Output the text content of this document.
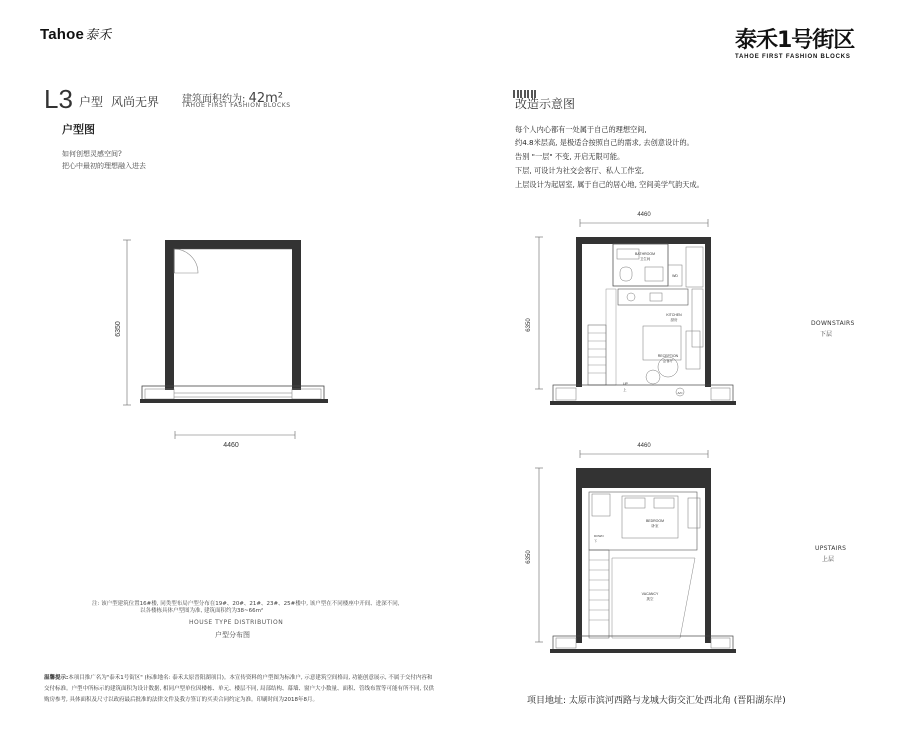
Tahoe泰禾	泰禾1号街区
TAHOE FIRST FASHION BLOCKS
L3 户型 风尚无界 建筑面积约为: 42m²
TAHOE FIRST FASHION BLOCKS
户型图
如何创想灵感空间?
把心中最初的理想融入进去
6350
4460
改造示意图
每个人内心都有一处属于自己的理想空间,
约4.8米层高, 是极适合按照自己的需求, 去创意设计的。
告别 "一层" 不变, 开启无限可能。
下层, 可设计为社交会客厅、私人工作室,
上层设计为起居室, 属于自己的居心地, 空间美学气韵天成。
4460
6350
BATHROOM
卫生间
WD
KITCHEN
厨房
RECEPTION
会客厅
UP
上
A/C
DOWNSTAIRS
下层
4460
6350
BEDROOM
卧室
DOWN
下
VACANCY
挑空
UPSTAIRS
上层
注: 该户型建筑位置16#楼, 同类型布局户型分布在19#、20#、21#、23#、25#楼中, 该户型在不同楼座中开间、进深不同,
以各楼栋具体户型图为准, 建筑面积约为38~66m²
HOUSE TYPE DISTRIBUTION
户型分布图
温馨提示:本项目推广名为"泰禾1号街区" (标准地名: 泰禾太原晋阳湖项目)。本宣传资料的户型图为标准户, 示意建筑空间格局, 功能创意展示, 不属于交付内容和交付标准。户型中所标示的建筑面积为设计数据, 相同户型单位因楼栋、单元、楼层不同, 局部结构、幕墙、窗户大小数量、面积、管线布置等可能有所不同, 仅供购房参考, 具体面积及尺寸以政府最后批准的法律文件及我方签订的买卖合同约定为准。印刷时间为2018年8月。	项目地址: 太原市滨河西路与龙城大街交汇处西北角 (晋阳湖东岸)
